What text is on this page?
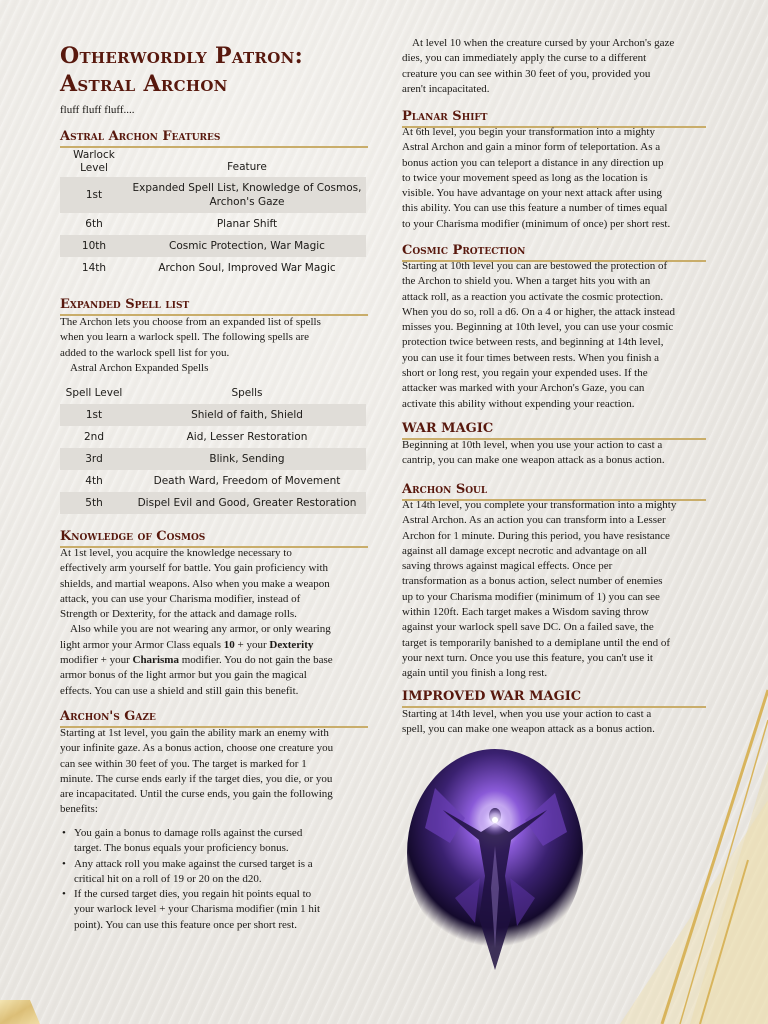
Otherwordly Patron:
Astral Archon
fluff fluff fluff....
Astral Archon Features
Warlock
Level	Feature
1st	Expanded Spell List, Knowledge of Cosmos,
Archon's Gaze

6th	Planar Shift
10th	Cosmic Protection, War Magic
14th	Archon Soul, Improved War Magic
Expanded Spell list
The Archon lets you choose from an expanded list of spells
when you learn a warlock spell. The following spells are
added to the warlock spell list for you.
Astral Archon Expanded Spells
Spell Level	Spells
1st	Shield of faith, Shield
2nd	Aid, Lesser Restoration
3rd	Blink, Sending
4th	Death Ward, Freedom of Movement
5th	Dispel Evil and Good, Greater Restoration
Knowledge of Cosmos
At 1st level, you acquire the knowledge necessary to
effectively arm yourself for battle. You gain proficiency with
shields, and martial weapons. Also when you make a weapon
attack, you can use your Charisma modifier, instead of
Strength or Dexterity, for the attack and damage rolls.
Also while you are not wearing any armor, or only wearing
light armor your Armor Class equals 10 + your Dexterity
modifier + your Charisma modifier. You do not gain the base
armor bonus of the light armor but you gain the magical
effects. You can use a shield and still gain this benefit.
Archon's Gaze
Starting at 1st level, you gain the ability mark an enemy with
your infinite gaze. As a bonus action, choose one creature you
can see within 30 feet of you. The target is marked for 1
minute. The curse ends early if the target dies, you die, or you
are incapacitated. Until the curse ends, you gain the following
benefits:
• You gain a bonus to damage rolls against the cursed
target. The bonus equals your proficiency bonus.
• Any attack roll you make against the cursed target is a
critical hit on a roll of 19 or 20 on the d20.
• If the cursed target dies, you regain hit points equal to
your warlock level + your Charisma modifier (min 1 hit
point). You can use this feature once per short rest.
At level 10 when the creature cursed by your Archon's gaze
dies, you can immediately apply the curse to a different
creature you can see within 30 feet of you, provided you
aren't incapacitated.
Planar Shift
At 6th level, you begin your transformation into a mighty
Astral Archon and gain a minor form of teleportation. As a
bonus action you can teleport a distance in any direction up
to twice your movement speed as long as the location is
visible. You have advantage on your next attack after using
this ability. You can use this feature a number of times equal
to your Charisma modifier (minimum of once) per short rest.
Cosmic Protection
Starting at 10th level you can are bestowed the protection of
the Archon to shield you. When a target hits you with an
attack roll, as a reaction you activate the cosmic protection.
When you do so, roll a d6. On a 4 or higher, the attack instead
misses you. Beginning at 10th level, you can use your cosmic
protection twice between rests, and beginning at 14th level,
you can use it four times between rests. When you finish a
short or long rest, you regain your expended uses. If the
attacker was marked with your Archon's Gaze, you can
activate this ability without expending your reaction.
WAR MAGIC
Beginning at 10th level, when you use your action to cast a
cantrip, you can make one weapon attack as a bonus action.
Archon Soul
At 14th level, you complete your transformation into a mighty
Astral Archon. As an action you can transform into a Lesser
Archon for 1 minute. During this period, you have resistance
against all damage except necrotic and advantage on all
saving throws against magical effects. Once per
transformation as a bonus action, select number of enemies
up to your Charisma modifier (minimum of 1) you can see
within 120ft. Each target makes a Wisdom saving throw
against your warlock spell save DC. On a failed save, the
target is temporarily banished to a demiplane until the end of
your next turn. Once you use this feature, you can't use it
again until you finish a long rest.
IMPROVED WAR MAGIC
Starting at 14th level, when you use your action to cast a
spell, you can make one weapon attack as a bonus action.
